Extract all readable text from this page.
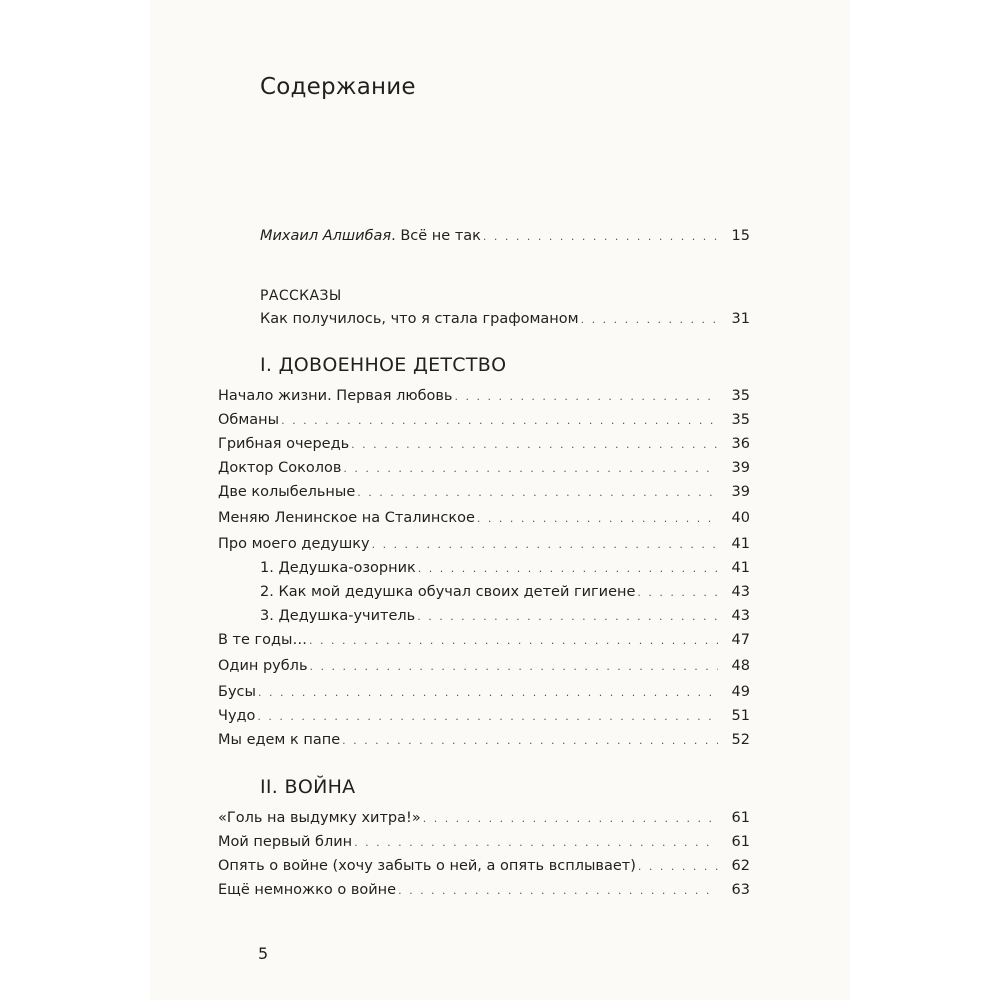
Содержание
Михаил Алшибая. Всё не так . . .	15
РАССКАЗЫ
Как получилось, что я стала графоманом . . .	31
I. ДОВОЕННОЕ ДЕТСТВО
Начало жизни. Первая любовь . . .	35
Обманы . . .	35
Грибная очередь . . .	36
Доктор Соколов . . .	39
Две колыбельные . . .	39
Меняю Ленинское на Сталинское . . .	40
Про моего дедушку . . .	41
1. Дедушка-озорник . . .	41
2. Как мой дедушка обучал своих детей гигиене . . .	43
3. Дедушка-учитель . . .	43
В те годы… . . .	47
Один рубль . . .	48
Бусы . . .	49
Чудо . . .	51
Мы едем к папе . . .	52
II. ВОЙНА
«Голь на выдумку хитра!» . . .	61
Мой первый блин . . .	61
Опять о войне (хочу забыть о ней, а опять всплывает) . . .	62
Ещё немножко о войне . . .	63
5
